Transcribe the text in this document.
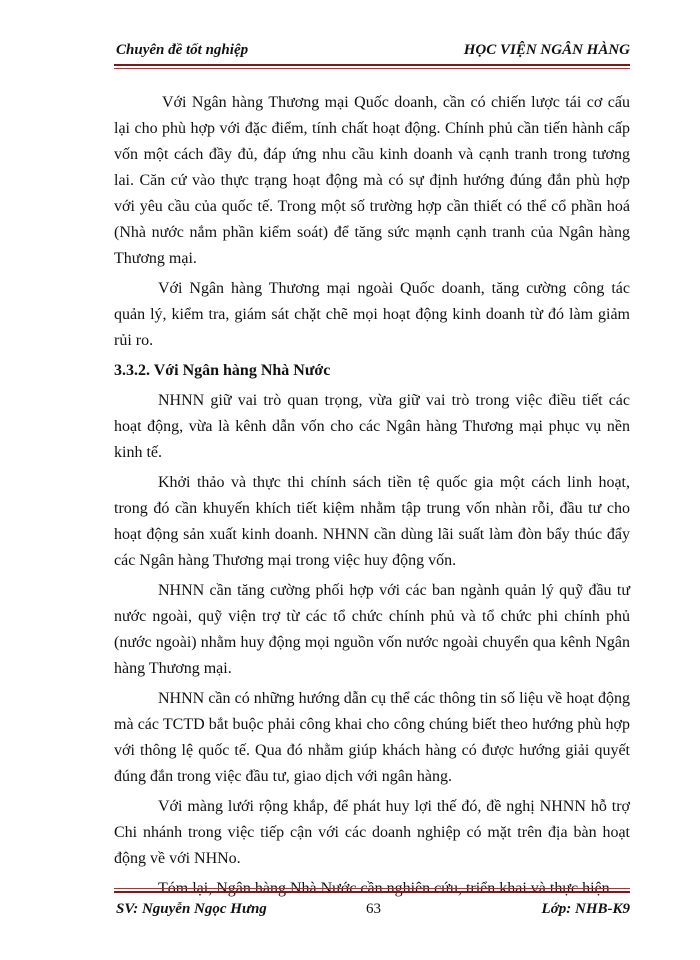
Chuyên đề tốt nghiệp	HỌC VIỆN NGÂN HÀNG

Với Ngân hàng Thương mại Quốc doanh, cần có chiến lược tái cơ cấu lại cho phù hợp với đặc điểm, tính chất hoạt động. Chính phủ cần tiến hành cấp vốn một cách đầy đủ, đáp ứng nhu cầu kinh doanh và cạnh tranh trong tương lai. Căn cứ vào thực trạng hoạt động mà có sự định hướng đúng đắn phù hợp với yêu cầu của quốc tế. Trong một số trường hợp cần thiết có thể cổ phần hoá (Nhà nước nắm phần kiểm soát) để tăng sức mạnh cạnh tranh của Ngân hàng Thương mại.

Với Ngân hàng Thương mại ngoài Quốc doanh, tăng cường công tác quản lý, kiểm tra, giám sát chặt chẽ mọi hoạt động kinh doanh từ đó làm giảm rủi ro.

3.3.2. Với Ngân hàng Nhà Nước

NHNN giữ vai trò quan trọng, vừa giữ vai trò trong việc điều tiết các hoạt động, vừa là kênh dẫn vốn cho các Ngân hàng Thương mại phục vụ nền kinh tế.

Khởi thảo và thực thi chính sách tiền tệ quốc gia một cách linh hoạt, trong đó cần khuyến khích tiết kiệm nhằm tập trung vốn nhàn rỗi, đầu tư cho hoạt động sản xuất kinh doanh. NHNN cần dùng lãi suất làm đòn bẩy thúc đẩy các Ngân hàng Thương mại trong việc huy động vốn.

NHNN cần tăng cường phối hợp với các ban ngành quản lý quỹ đầu tư nước ngoài, quỹ viện trợ từ các tổ chức chính phủ và tổ chức phi chính phủ (nước ngoài) nhằm huy động mọi nguồn vốn nước ngoài chuyển qua kênh Ngân hàng Thương mại.

NHNN cần có những hướng dẫn cụ thể các thông tin số liệu về hoạt động mà các TCTD bắt buộc phải công khai cho công chúng biết theo hướng phù hợp với thông lệ quốc tế. Qua đó nhằm giúp khách hàng có được hướng giải quyết đúng đắn trong việc đầu tư, giao dịch với ngân hàng.

Với màng lưới rộng khắp, để phát huy lợi thế đó, đề nghị NHNN hỗ trợ Chi nhánh trong việc tiếp cận với các doanh nghiệp có mặt trên địa bàn hoạt động về với NHNo.

SV: Nguyễn Ngọc Hưng	63	Lớp: NHB-K9
